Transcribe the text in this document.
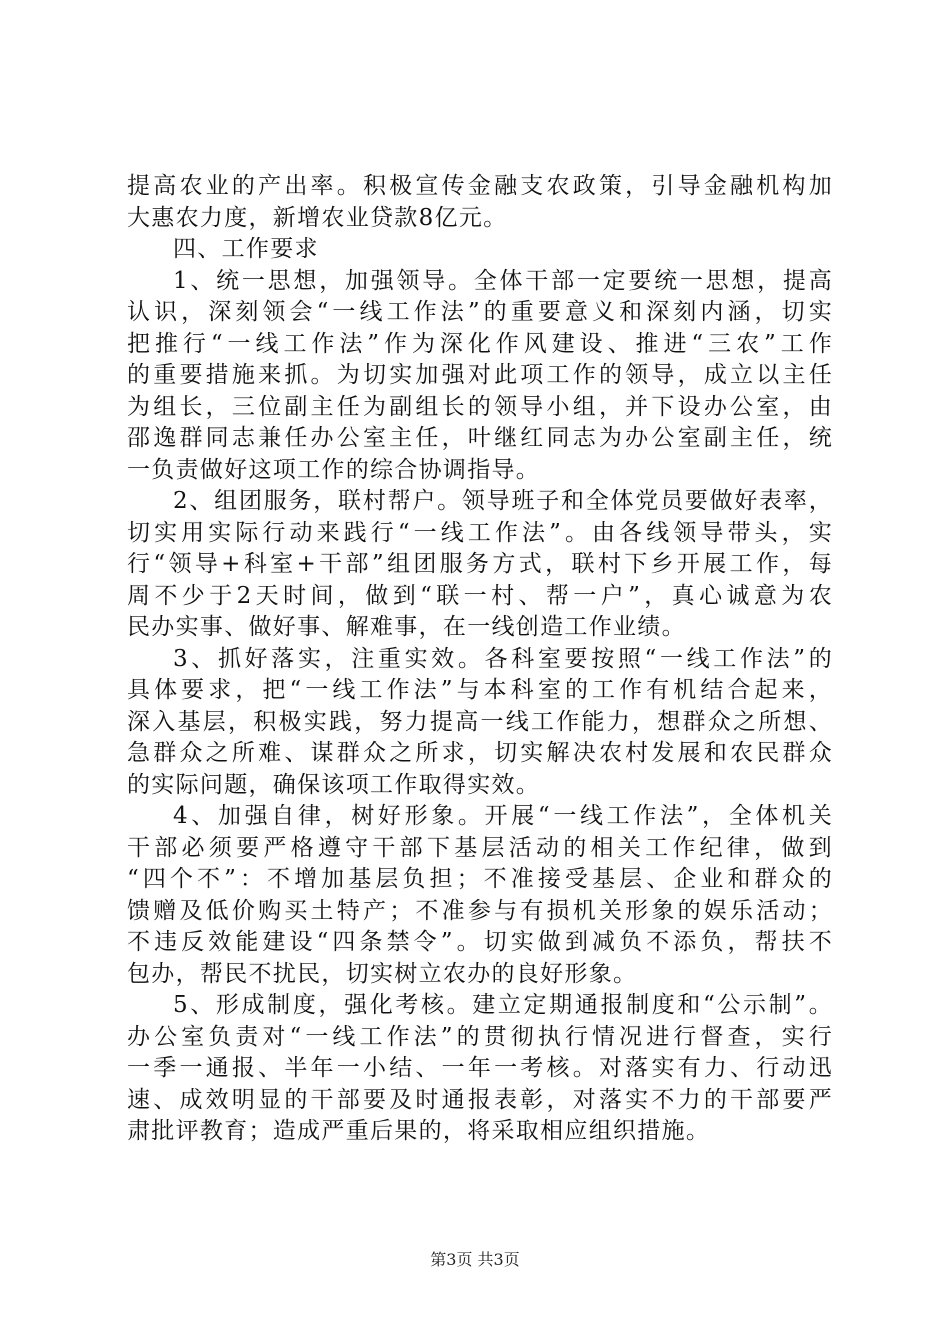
提高农业的产出率。积极宣传金融支农政策，引导金融机构加
大惠农力度，新增农业贷款8亿元。
四、工作要求
1、统一思想，加强领导。全体干部一定要统一思想，提高
认识，深刻领会“一线工作法”的重要意义和深刻内涵，切实
把推行“一线工作法”作为深化作风建设、推进“三农”工作
的重要措施来抓。为切实加强对此项工作的领导，成立以主任
为组长，三位副主任为副组长的领导小组，并下设办公室，由
邵逸群同志兼任办公室主任，叶继红同志为办公室副主任，统
一负责做好这项工作的综合协调指导。
2、组团服务，联村帮户。领导班子和全体党员要做好表率，
切实用实际行动来践行“一线工作法”。由各线领导带头，实
行“领导+科室+干部”组团服务方式，联村下乡开展工作，每
周不少于2天时间，做到“联一村、帮一户”，真心诚意为农
民办实事、做好事、解难事，在一线创造工作业绩。
3、抓好落实，注重实效。各科室要按照“一线工作法”的
具体要求，把“一线工作法”与本科室的工作有机结合起来，
深入基层，积极实践，努力提高一线工作能力，想群众之所想、
急群众之所难、谋群众之所求，切实解决农村发展和农民群众
的实际问题，确保该项工作取得实效。
4、加强自律，树好形象。开展“一线工作法”，全体机关
干部必须要严格遵守干部下基层活动的相关工作纪律，做到
“四个不”：不增加基层负担；不准接受基层、企业和群众的
馈赠及低价购买土特产；不准参与有损机关形象的娱乐活动；
不违反效能建设“四条禁令”。切实做到减负不添负，帮扶不
包办，帮民不扰民，切实树立农办的良好形象。
5、形成制度，强化考核。建立定期通报制度和“公示制”。
办公室负责对“一线工作法”的贯彻执行情况进行督查，实行
一季一通报、半年一小结、一年一考核。对落实有力、行动迅
速、成效明显的干部要及时通报表彰，对落实不力的干部要严
肃批评教育；造成严重后果的，将采取相应组织措施。
第3页 共3页
